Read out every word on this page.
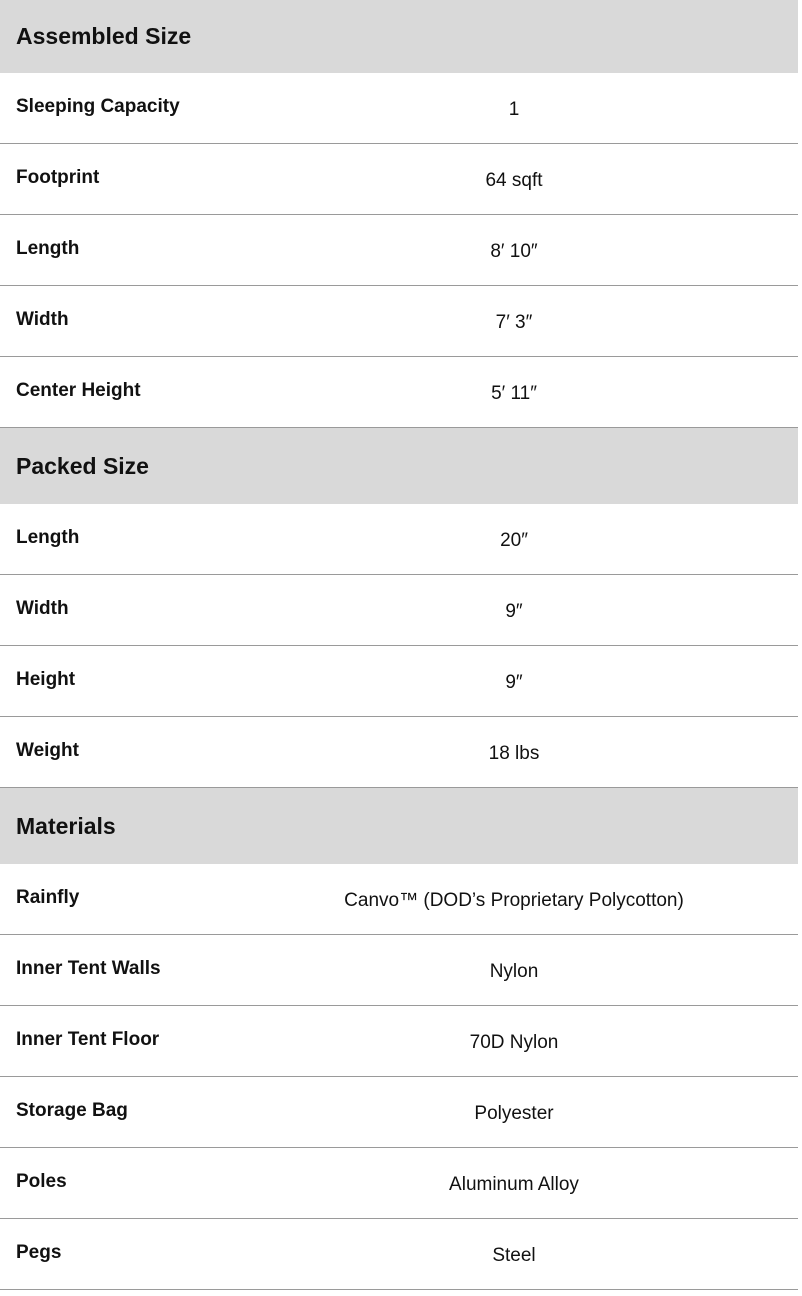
Assembled Size
Sleeping Capacity	1
Footprint	64 sqft
Length	8′ 10″
Width	7′ 3″
Center Height	5′ 11″
Packed Size
Length	20″
Width	9″
Height	9″
Weight	18 lbs
Materials
Rainfly	Canvo™ (DOD’s Proprietary Polycotton)
Inner Tent Walls	Nylon
Inner Tent Floor	70D Nylon
Storage Bag	Polyester
Poles	Aluminum Alloy
Pegs	Steel
